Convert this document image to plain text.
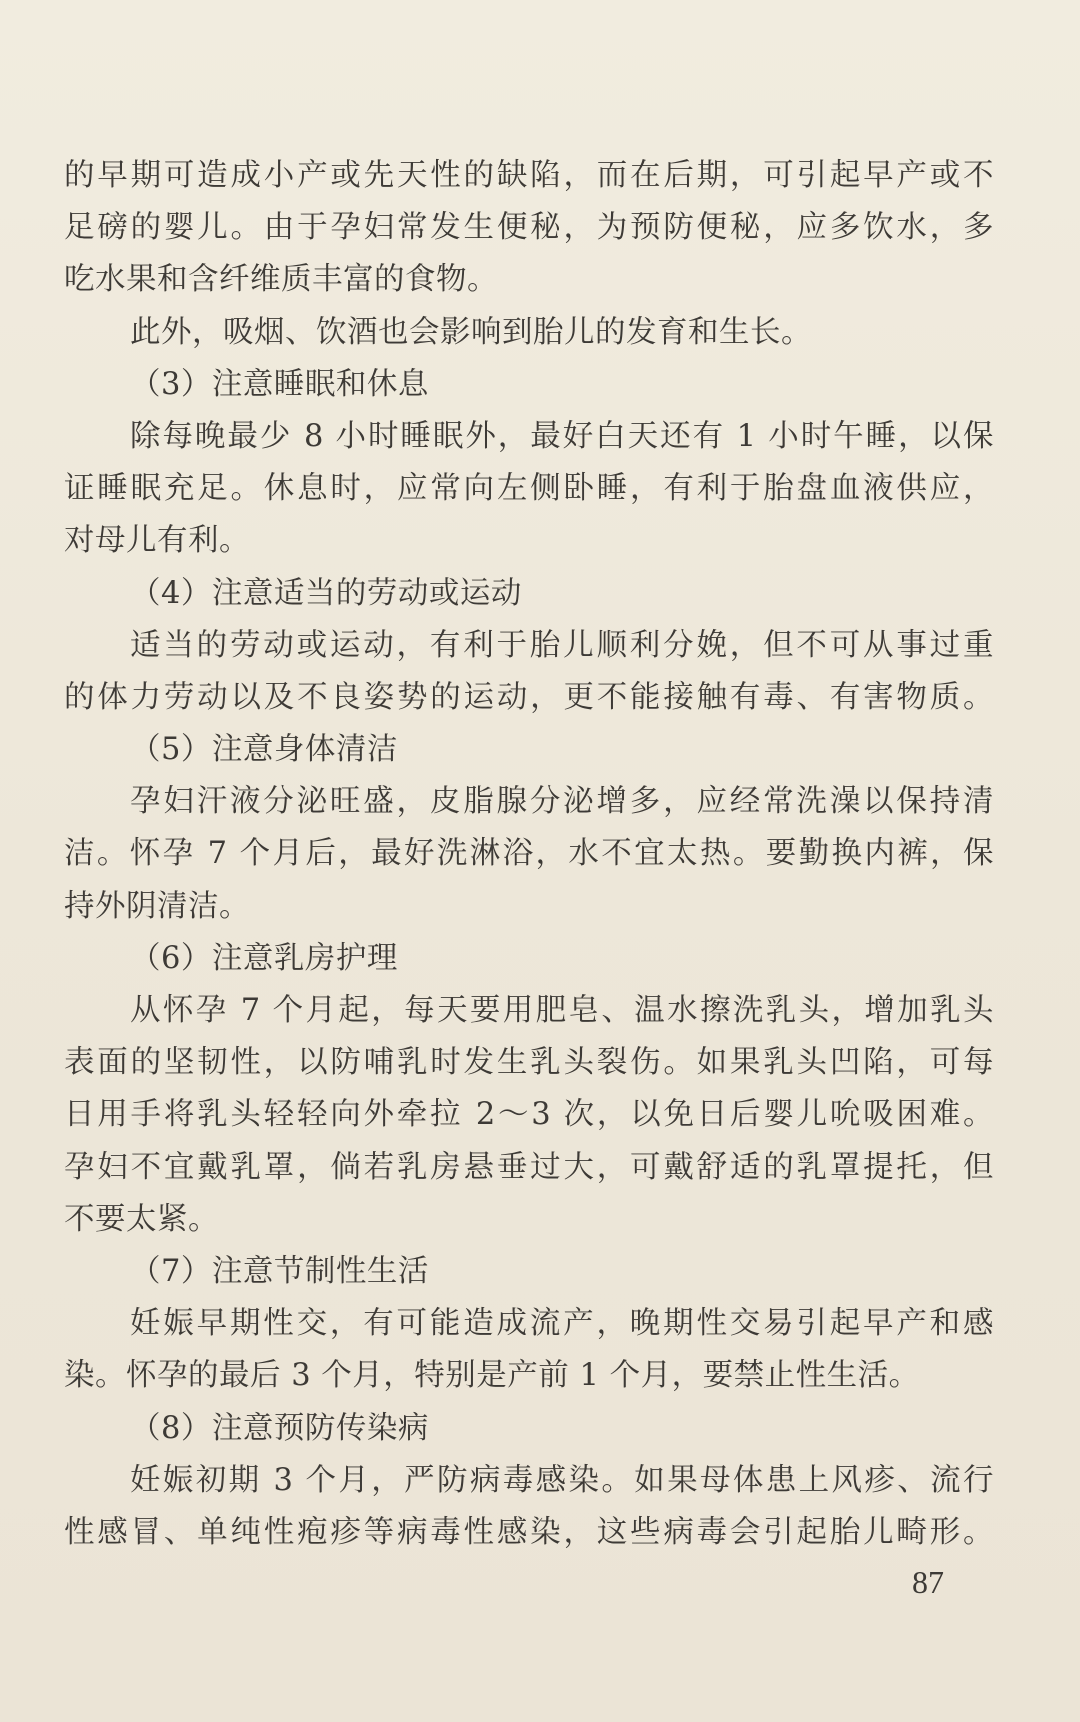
的早期可造成小产或先天性的缺陷，而在后期，可引起早产或不
足磅的婴儿。由于孕妇常发生便秘，为预防便秘，应多饮水，多
吃水果和含纤维质丰富的食物。
此外，吸烟、饮酒也会影响到胎儿的发育和生长。
（3）注意睡眠和休息
除每晚最少 8 小时睡眠外，最好白天还有 1 小时午睡，以保
证睡眠充足。休息时，应常向左侧卧睡，有利于胎盘血液供应，
对母儿有利。
（4）注意适当的劳动或运动
适当的劳动或运动，有利于胎儿顺利分娩，但不可从事过重
的体力劳动以及不良姿势的运动，更不能接触有毒、有害物质。
（5）注意身体清洁
孕妇汗液分泌旺盛，皮脂腺分泌增多，应经常洗澡以保持清
洁。怀孕 7 个月后，最好洗淋浴，水不宜太热。要勤换内裤，保
持外阴清洁。
（6）注意乳房护理
从怀孕 7 个月起，每天要用肥皂、温水擦洗乳头，增加乳头
表面的坚韧性，以防哺乳时发生乳头裂伤。如果乳头凹陷，可每
日用手将乳头轻轻向外牵拉 2～3 次，以免日后婴儿吮吸困难。
孕妇不宜戴乳罩，倘若乳房悬垂过大，可戴舒适的乳罩提托，但
不要太紧。
（7）注意节制性生活
妊娠早期性交，有可能造成流产，晚期性交易引起早产和感
染。怀孕的最后 3 个月，特别是产前 1 个月，要禁止性生活。
（8）注意预防传染病
妊娠初期 3 个月，严防病毒感染。如果母体患上风疹、流行
性感冒、单纯性疱疹等病毒性感染，这些病毒会引起胎儿畸形。
87
